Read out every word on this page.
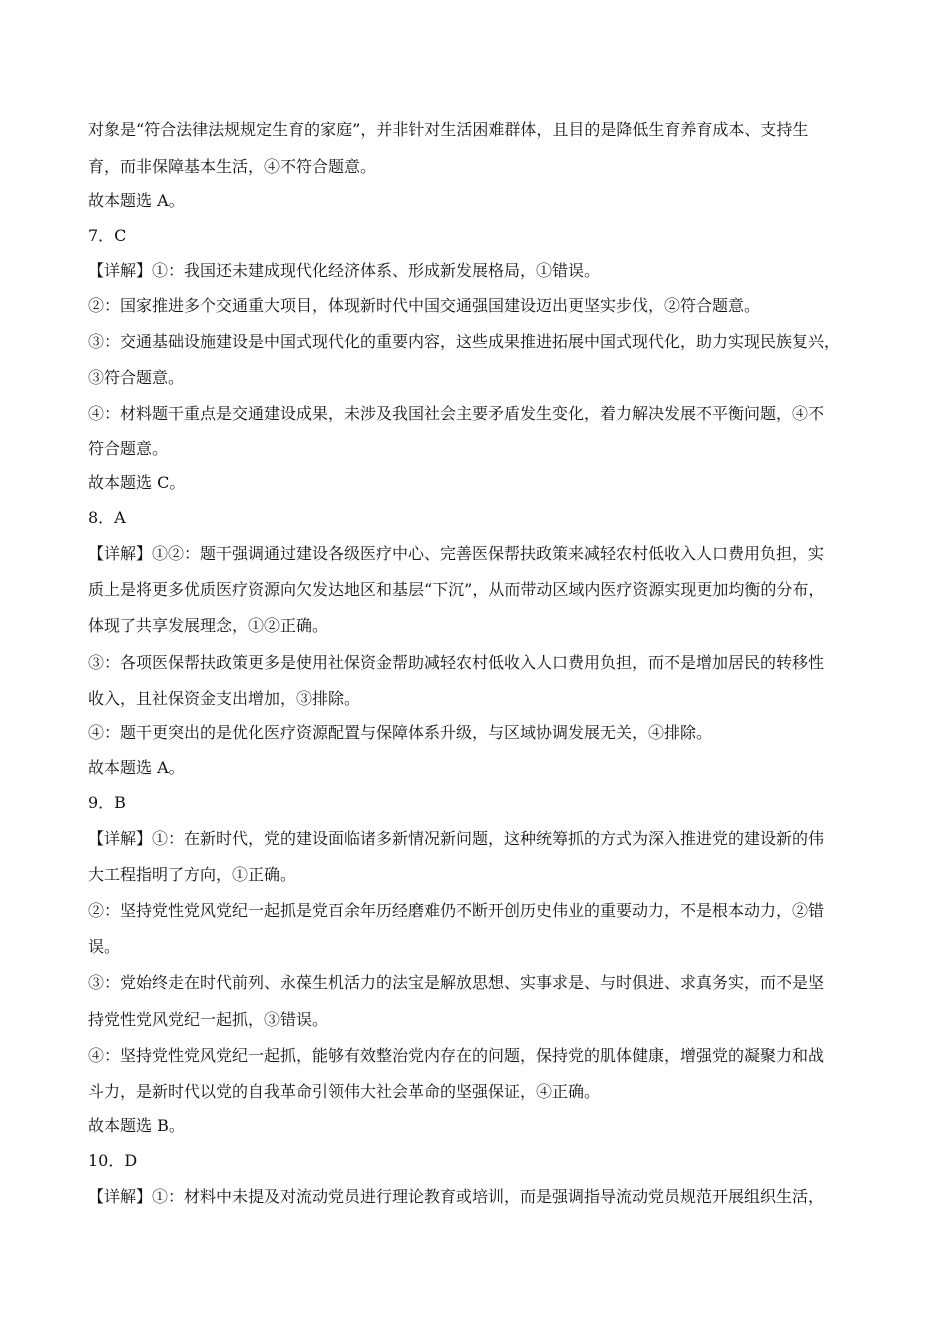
对象是“符合法律法规规定生育的家庭”，并非针对生活困难群体，且目的是降低生育养育成本、支持生
育，而非保障基本生活，④不符合题意。
故本题选 A。
7．C
【详解】①：我国还未建成现代化经济体系、形成新发展格局，①错误。
②：国家推进多个交通重大项目，体现新时代中国交通强国建设迈出更坚实步伐，②符合题意。
③：交通基础设施建设是中国式现代化的重要内容，这些成果推进拓展中国式现代化，助力实现民族复兴，
③符合题意。
④：材料题干重点是交通建设成果，未涉及我国社会主要矛盾发生变化，着力解决发展不平衡问题，④不
符合题意。
故本题选 C。
8．A
【详解】①②：题干强调通过建设各级医疗中心、完善医保帮扶政策来减轻农村低收入人口费用负担，实
质上是将更多优质医疗资源向欠发达地区和基层“下沉”，从而带动区域内医疗资源实现更加均衡的分布，
体现了共享发展理念，①②正确。
③：各项医保帮扶政策更多是使用社保资金帮助减轻农村低收入人口费用负担，而不是增加居民的转移性
收入，且社保资金支出增加，③排除。
④：题干更突出的是优化医疗资源配置与保障体系升级，与区域协调发展无关，④排除。
故本题选 A。
9．B
【详解】①：在新时代，党的建设面临诸多新情况新问题，这种统筹抓的方式为深入推进党的建设新的伟
大工程指明了方向，①正确。
②：坚持党性党风党纪一起抓是党百余年历经磨难仍不断开创历史伟业的重要动力，不是根本动力，②错
误。
③：党始终走在时代前列、永葆生机活力的法宝是解放思想、实事求是、与时俱进、求真务实，而不是坚
持党性党风党纪一起抓，③错误。
④：坚持党性党风党纪一起抓，能够有效整治党内存在的问题，保持党的肌体健康，增强党的凝聚力和战
斗力，是新时代以党的自我革命引领伟大社会革命的坚强保证，④正确。
故本题选 B。
10．D
【详解】①：材料中未提及对流动党员进行理论教育或培训，而是强调指导流动党员规范开展组织生活，
